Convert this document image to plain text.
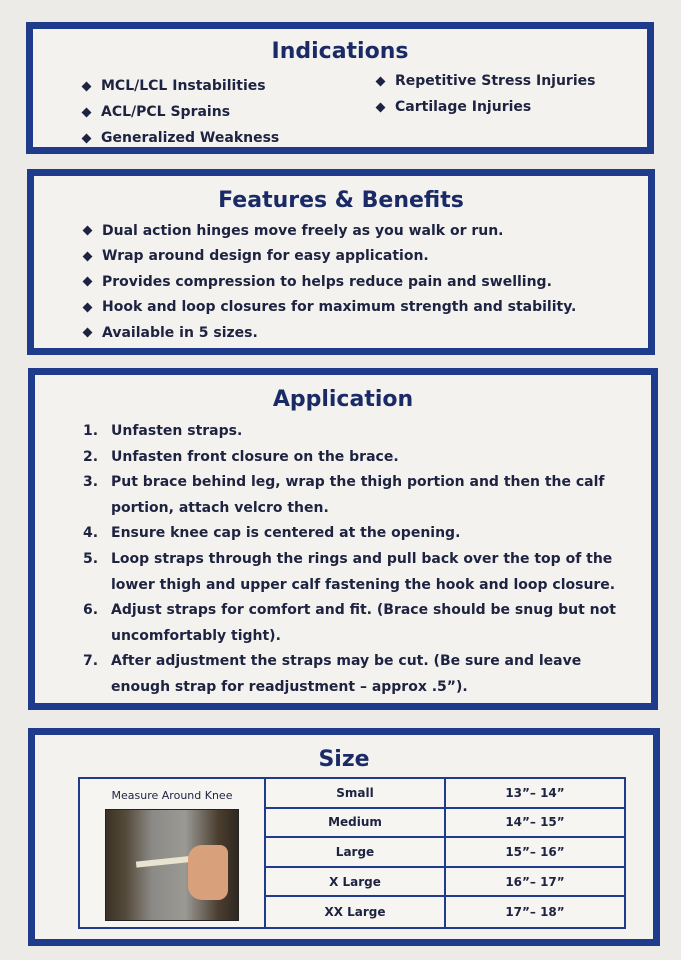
Indications
MCL/LCL Instabilities
ACL/PCL Sprains
Generalized Weakness
Repetitive Stress Injuries
Cartilage Injuries
Features & Benefits
Dual action hinges move freely as you walk or run.
Wrap around design for easy application.
Provides compression to helps reduce pain and swelling.
Hook and loop closures for maximum strength and stability.
Available in 5 sizes.
Application
1. Unfasten straps.
2. Unfasten front closure on the brace.
3. Put brace behind leg, wrap the thigh portion and then the calf portion, attach velcro then.
4. Ensure knee cap is centered at the opening.
5. Loop straps through the rings and pull back over the top of the lower thigh and upper calf fastening the hook and loop closure.
6. Adjust straps for comfort and fit. (Brace should be snug but not uncomfortably tight).
7. After adjustment the straps may be cut. (Be sure and leave enough strap for readjustment – approx .5”).
Size
Measure Around Knee	Small	13”– 14”
Medium	14”– 15”
Large	15”– 16”
X Large	16”– 17”
XX Large	17”– 18”
